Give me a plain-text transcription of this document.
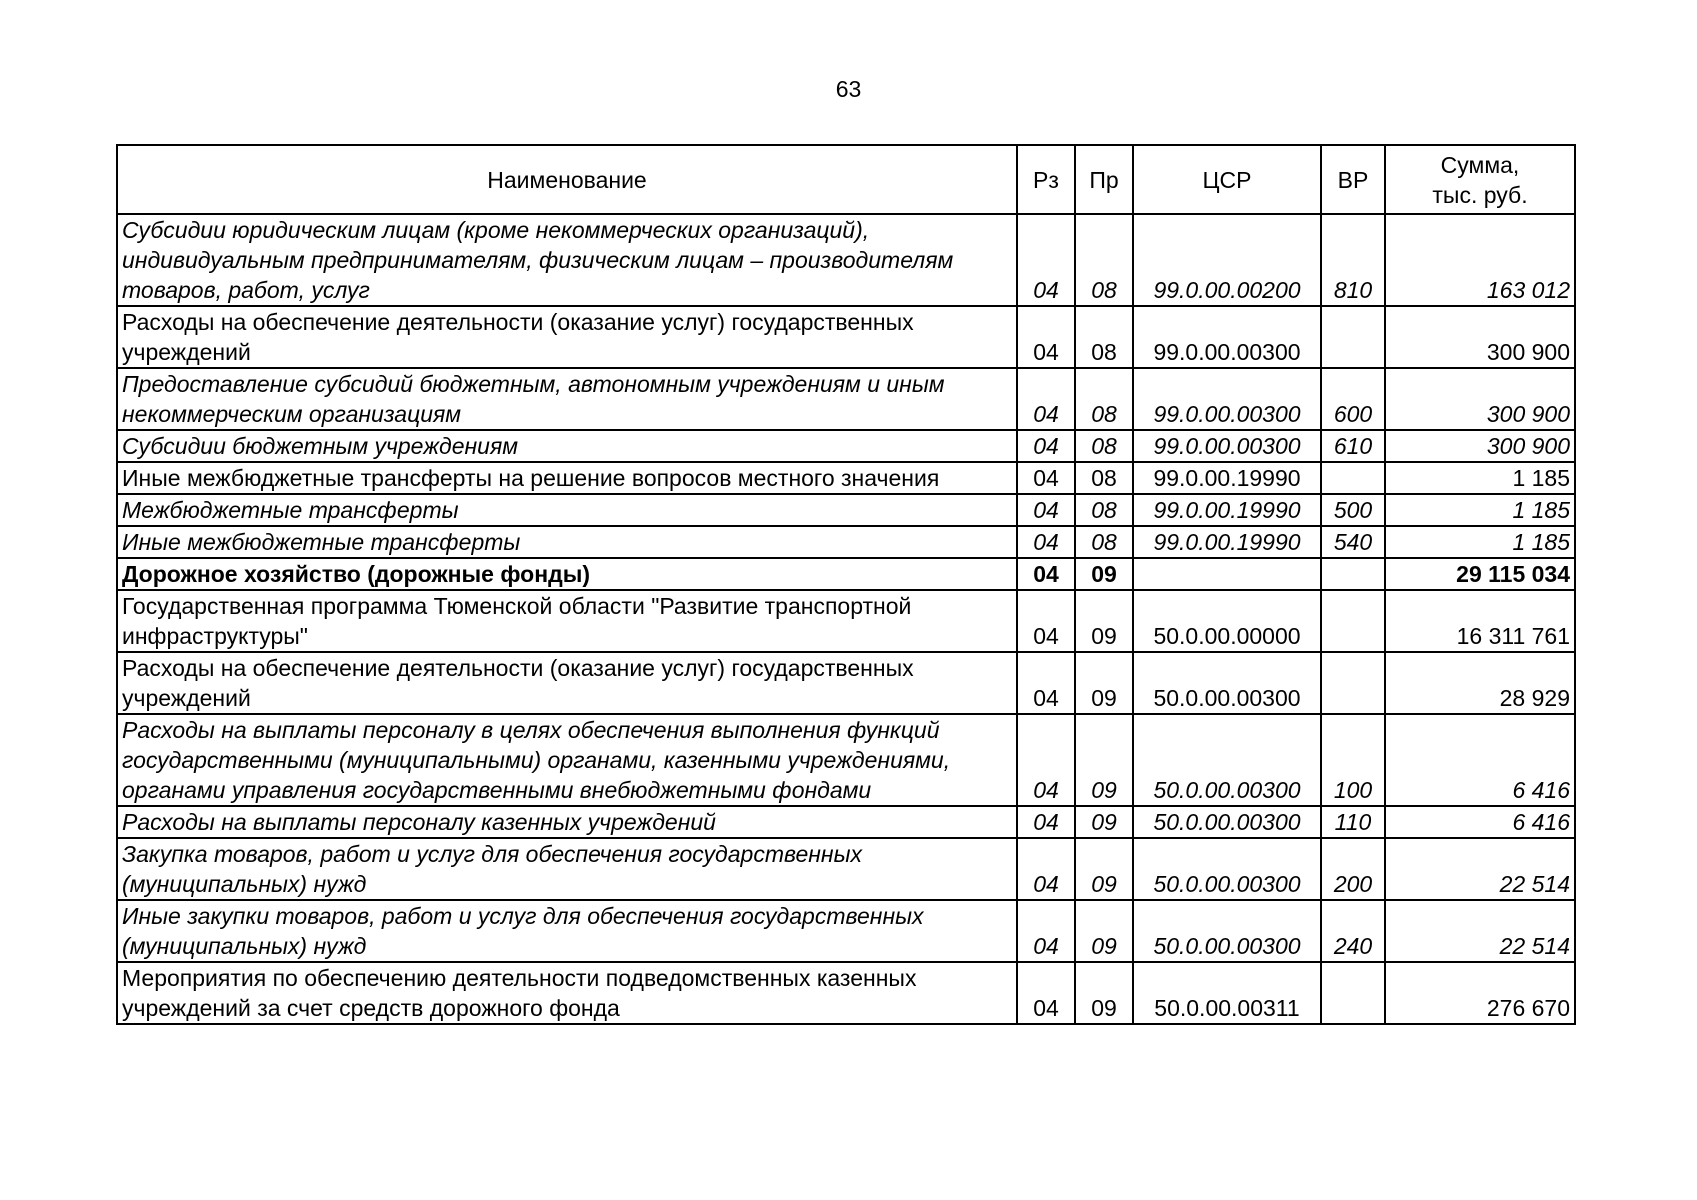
63
Наименование	Рз	Пр	ЦСР	ВР	Сумма,
тыс. руб.

Субсидии юридическим лицам (кроме некоммерческих организаций), индивидуальным предпринимателям, физическим лицам – производителям товаров, работ, услуг	04	08	99.0.00.00200	810	163 012
Расходы на обеспечение деятельности (оказание услуг) государственных учреждений	04	08	99.0.00.00300		300 900
Предоставление субсидий бюджетным, автономным учреждениям и иным некоммерческим организациям	04	08	99.0.00.00300	600	300 900
Субсидии бюджетным учреждениям	04	08	99.0.00.00300	610	300 900
Иные межбюджетные трансферты на решение вопросов местного значения	04	08	99.0.00.19990		1 185
Межбюджетные трансферты	04	08	99.0.00.19990	500	1 185
Иные межбюджетные трансферты	04	08	99.0.00.19990	540	1 185
Дорожное хозяйство (дорожные фонды)	04	09			29 115 034
Государственная программа Тюменской области "Развитие транспортной инфраструктуры"	04	09	50.0.00.00000		16 311 761
Расходы на обеспечение деятельности (оказание услуг) государственных учреждений	04	09	50.0.00.00300		28 929
Расходы на выплаты персоналу в целях обеспечения выполнения функций государственными (муниципальными) органами, казенными учреждениями, органами управления государственными внебюджетными фондами	04	09	50.0.00.00300	100	6 416
Расходы на выплаты персоналу казенных учреждений	04	09	50.0.00.00300	110	6 416
Закупка товаров, работ и услуг для обеспечения государственных (муниципальных) нужд	04	09	50.0.00.00300	200	22 514
Иные закупки товаров, работ и услуг для обеспечения государственных (муниципальных) нужд	04	09	50.0.00.00300	240	22 514
Мероприятия по обеспечению деятельности подведомственных казенных учреждений за счет средств дорожного фонда	04	09	50.0.00.00311		276 670
